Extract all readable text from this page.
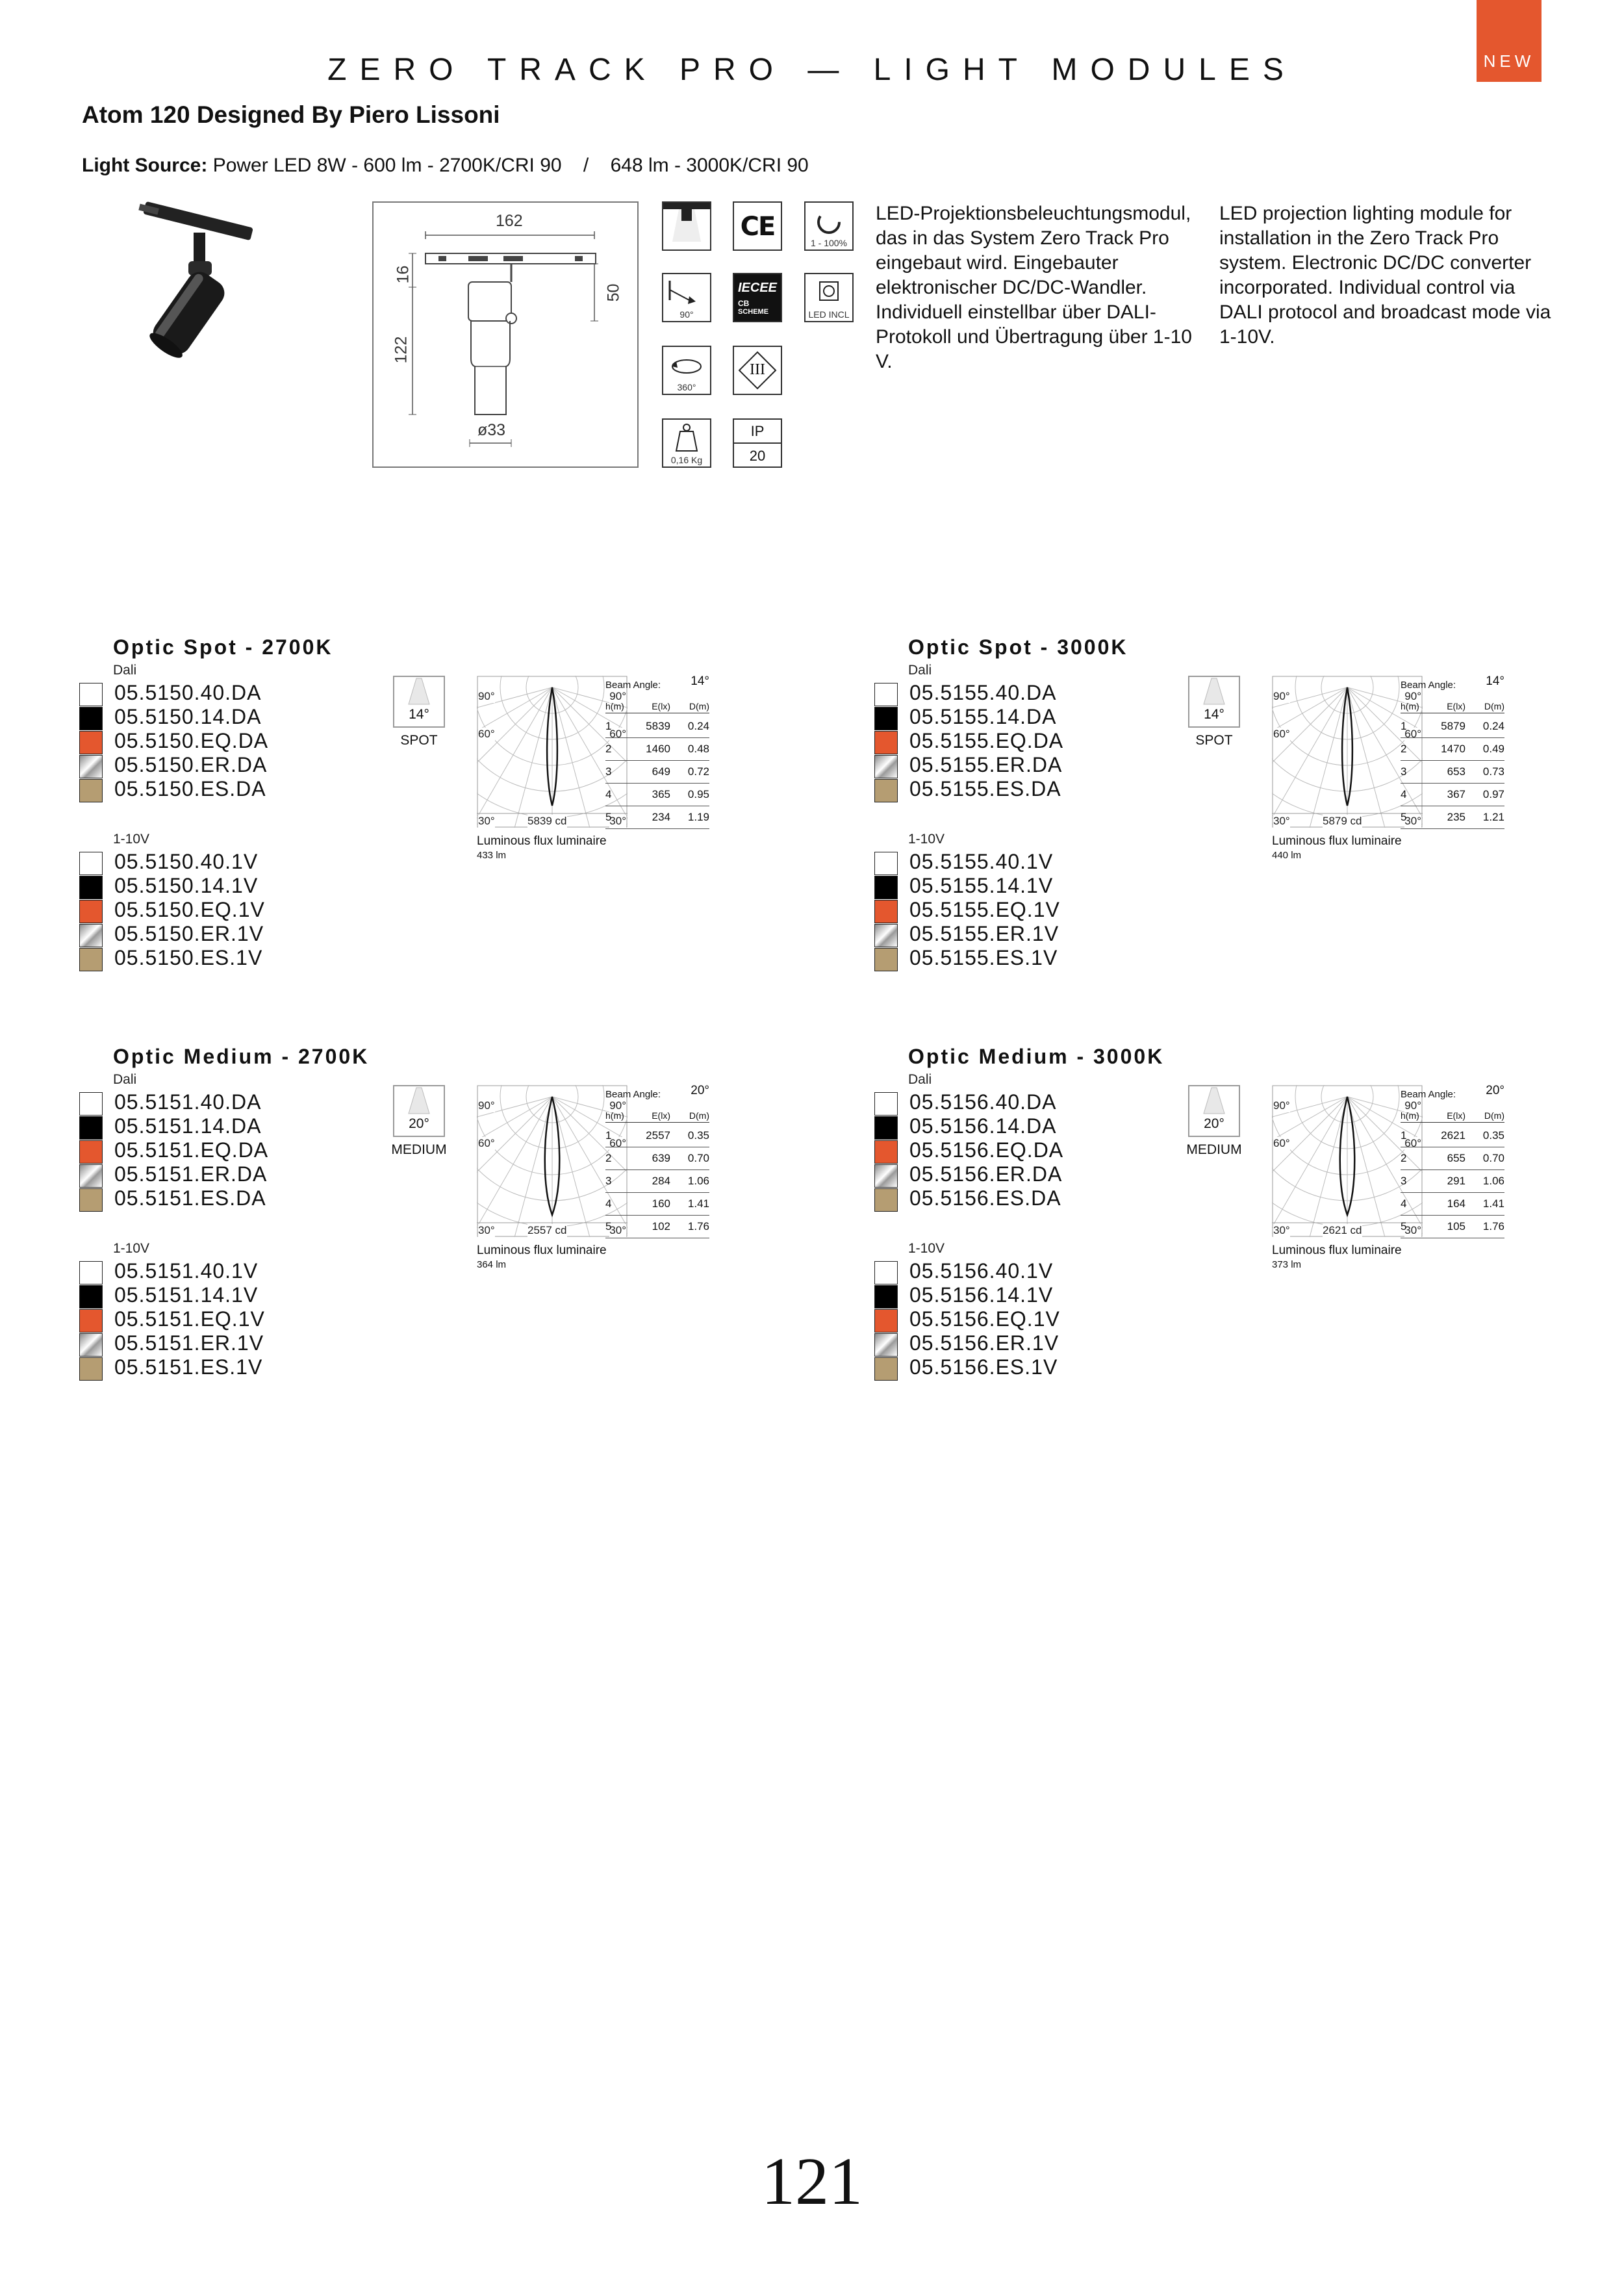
NEW
ZERO TRACK PRO — LIGHT MODULES
Atom 120 Designed By Piero Lissoni
Light Source: Power LED 8W - 600 lm - 2700K/CRI 90    /    648 lm - 3000K/CRI 90
162
16
122
50
ø33
CE
1 - 100%
90°
IECEE
CB
SCHEME	LED INCL
360°
III
0,16 Kg
IP
20
LED-Projektionsbeleuchtungsmodul, das in das System Zero Track Pro eingebaut wird. Eingebauter elektronischer DC/DC-Wandler. Individuell einstellbar über DALI-Protokoll und Übertragung über 1-10 V.
LED projection lighting module for installation in the Zero Track Pro system. Electronic DC/DC converter incorporated. Individual control via DALI protocol and broadcast mode via 1-10V.
Optic Spot - 2700K
Dali
05.5150.40.DA
05.5150.14.DA
05.5150.EQ.DA
05.5150.ER.DA
05.5150.ES.DA
1-10V
05.5150.40.1V
05.5150.14.1V
05.5150.EQ.1V
05.5150.ER.1V
05.5150.ES.1V
14°
SPOT
90°	90°
60°	60°
30°	30°
5839 cd
Luminous flux luminaire
433 lm
Beam Angle: 14°
h(m)	E(lx) D(m)
1	5839 0.24
2	1460 0.48
3	649 0.72
4	365 0.95
5	234 1.19
Optic Spot - 3000K
Dali
05.5155.40.DA
05.5155.14.DA
05.5155.EQ.DA
05.5155.ER.DA
05.5155.ES.DA
1-10V
05.5155.40.1V
05.5155.14.1V
05.5155.EQ.1V
05.5155.ER.1V
05.5155.ES.1V
14°
SPOT
90°	90°
60°	60°
30°	30°
5879 cd
Luminous flux luminaire
440 lm
Beam Angle: 14°
h(m)	E(lx) D(m)
1	5879 0.24
2	1470 0.49
3	653 0.73
4	367 0.97
5	235 1.21
Optic Medium - 2700K
Dali
05.5151.40.DA
05.5151.14.DA
05.5151.EQ.DA
05.5151.ER.DA
05.5151.ES.DA
1-10V
05.5151.40.1V
05.5151.14.1V
05.5151.EQ.1V
05.5151.ER.1V
05.5151.ES.1V
20°
MEDIUM
90°	90°
60°	60°
30°	30°
2557 cd
Luminous flux luminaire
364 lm
Beam Angle: 20°
h(m)	E(lx) D(m)
1	2557 0.35
2	639 0.70
3	284 1.06
4	160 1.41
5	102 1.76
Optic Medium - 3000K
Dali
05.5156.40.DA
05.5156.14.DA
05.5156.EQ.DA
05.5156.ER.DA
05.5156.ES.DA
1-10V
05.5156.40.1V
05.5156.14.1V
05.5156.EQ.1V
05.5156.ER.1V
05.5156.ES.1V
20°
MEDIUM
90°	90°
60°	60°
30°	30°
2621 cd
Luminous flux luminaire
373 lm
Beam Angle: 20°
h(m)	E(lx) D(m)
1	2621 0.35
2	655 0.70
3	291 1.06
4	164 1.41
5	105 1.76
121
